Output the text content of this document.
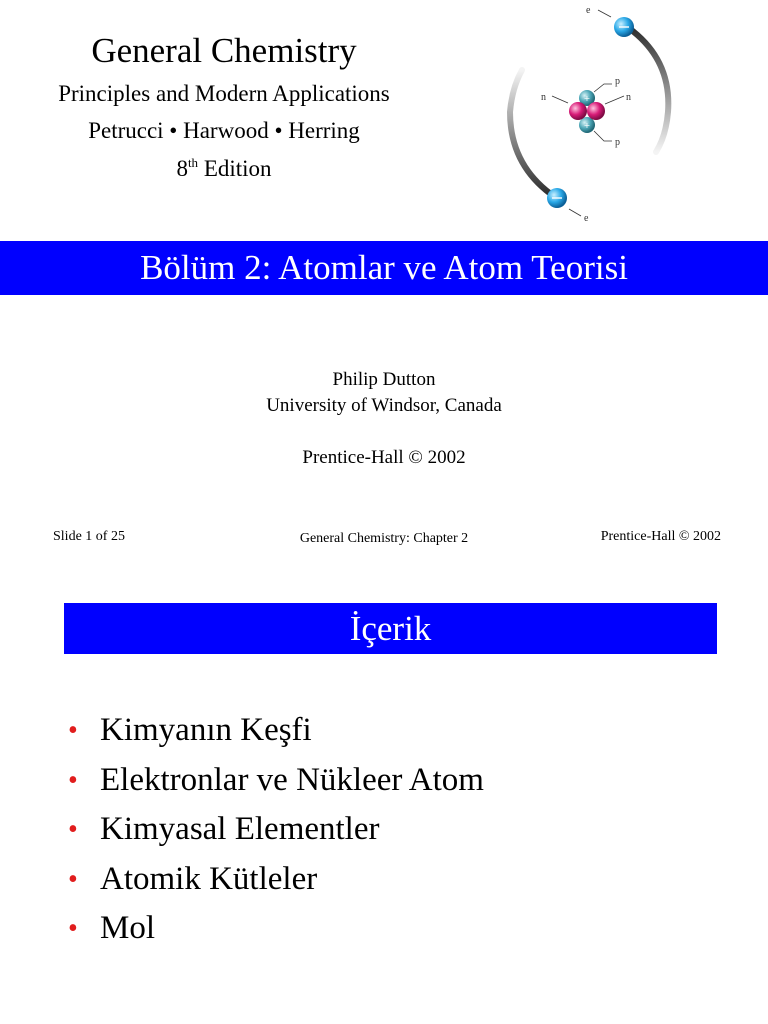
General Chemistry
Principles and Modern Applications
Petrucci • Harwood • Herring
8th Edition
e
e
+
+
n	n
p
p
Bölüm 2: Atomlar ve Atom Teorisi
Philip Dutton
University of Windsor, Canada
Prentice-Hall © 2002
Slide 1 of 25	General Chemistry: Chapter 2	Prentice-Hall © 2002
İçerik
• Kimyanın Keşfi
• Elektronlar ve Nükleer Atom
• Kimyasal Elementler
• Atomik Kütleler
• Mol
